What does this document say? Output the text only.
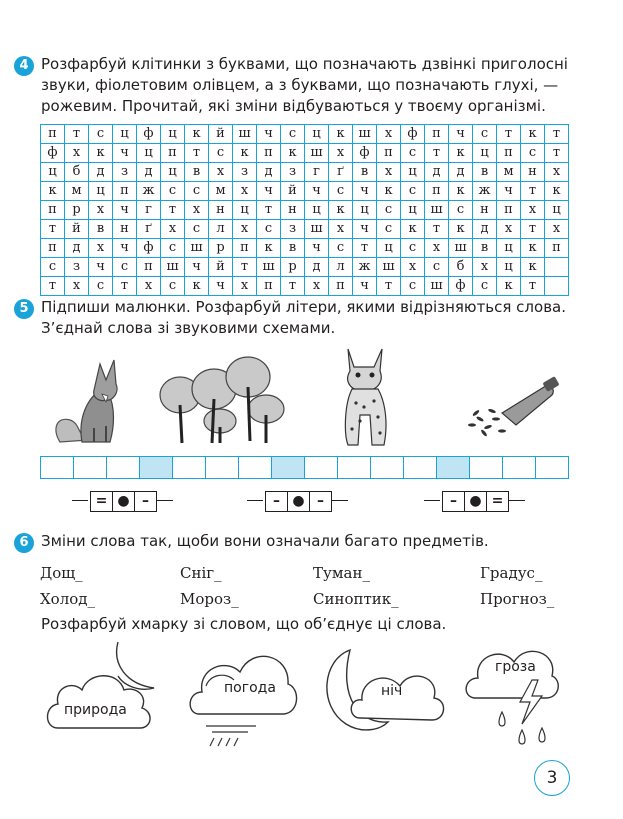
4 Розфарбуй клітинки з буквами, що позначають дзвінкі приголосні
звуки, фіолетовим олівцем, а з буквами, що позначають глухі, —
рожевим. Прочитай, які зміни відбуваються у твоєму організмі.
п	т	с	ц	ф	ц	к	й	ш	ч	с	ц	к	ш	х	ф	п	ч	с	т	к	т
ф	х	к	ч	ц	п	т	с	к	п	к	ш	х	ф	п	с	т	к	ц	п	с	т
ц	б	д	з	д	ц	в	х	з	д	з	г	ґ	в	х	ц	д	д	в	м	н	х
к	м	ц	п	ж	с	с	м	х	ч	й	ч	с	ч	к	с	п	к	ж	ч	т	к
п	р	х	ч	г	т	х	н	ц	т	н	ц	к	ц	с	ц	ш	с	н	п	х	ц
т	й	в	н	ґ	х	с	л	х	с	з	ш	х	ч	с	к	т	к	д	х	т	х
п	д	х	ч	ф	с	ш	р	п	к	в	ч	с	т	ц	с	х	ш	в	ц	к	п
с	з	ч	с	п	ш	ч	й	т	ш	р	д	л	ж	ш	х	с	б	х	ц	к	
т	х	с	т	х	с	к	ч	х	п	т	х	п	ч	т	с	ш	ф	с	к	т	
5 Підпиши малюнки. Розфарбуй літери, якими відрізняються слова.
З’єднай слова зі звуковими схемами.

= ● –	– ● –	– ● =
6 Зміни слова так, щоби вони означали багато предметів.
Дощ_	Сніг_	Туман_	Градус_
Холод_	Мороз_	Синоптик_	Прогноз_
Розфарбуй хмарку зі словом, що об’єднує ці слова.
природа
погода	ніч
гроза
3
